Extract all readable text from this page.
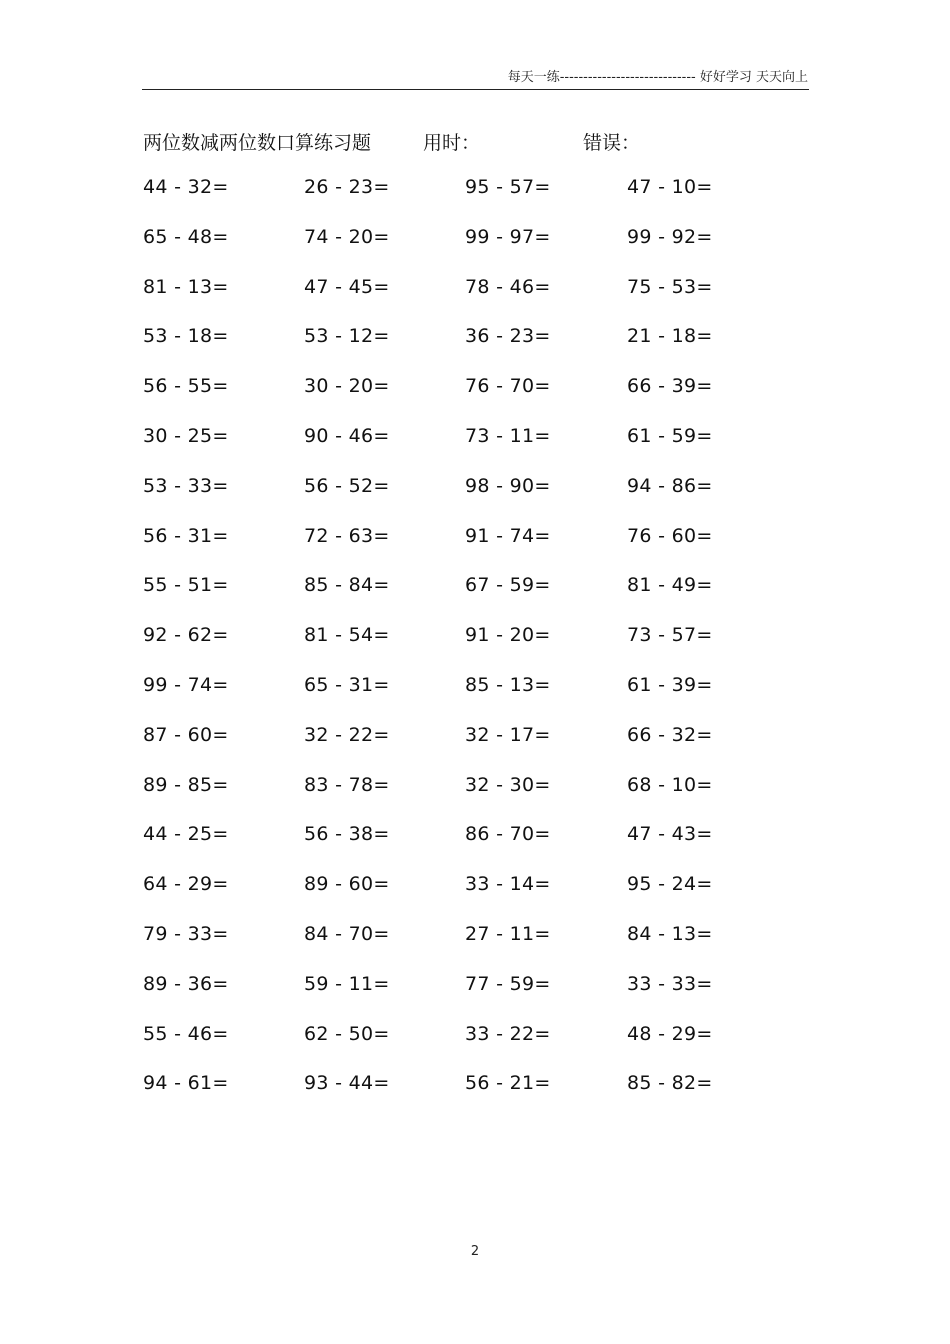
每天一练----------------------------- 好好学习 天天向上
两位数减两位数口算练习题	用时：	错误：
44 - 32=	26 - 23=	95 - 57=	47 - 10=
65 - 48=	74 - 20=	99 - 97=	99 - 92=
81 - 13=	47 - 45=	78 - 46=	75 - 53=
53 - 18=	53 - 12=	36 - 23=	21 - 18=
56 - 55=	30 - 20=	76 - 70=	66 - 39=
30 - 25=	90 - 46=	73 - 11=	61 - 59=
53 - 33=	56 - 52=	98 - 90=	94 - 86=
56 - 31=	72 - 63=	91 - 74=	76 - 60=
55 - 51=	85 - 84=	67 - 59=	81 - 49=
92 - 62=	81 - 54=	91 - 20=	73 - 57=
99 - 74=	65 - 31=	85 - 13=	61 - 39=
87 - 60=	32 - 22=	32 - 17=	66 - 32=
89 - 85=	83 - 78=	32 - 30=	68 - 10=
44 - 25=	56 - 38=	86 - 70=	47 - 43=
64 - 29=	89 - 60=	33 - 14=	95 - 24=
79 - 33=	84 - 70=	27 - 11=	84 - 13=
89 - 36=	59 - 11=	77 - 59=	33 - 33=
55 - 46=	62 - 50=	33 - 22=	48 - 29=
94 - 61=	93 - 44=	56 - 21=	85 - 82=
2
